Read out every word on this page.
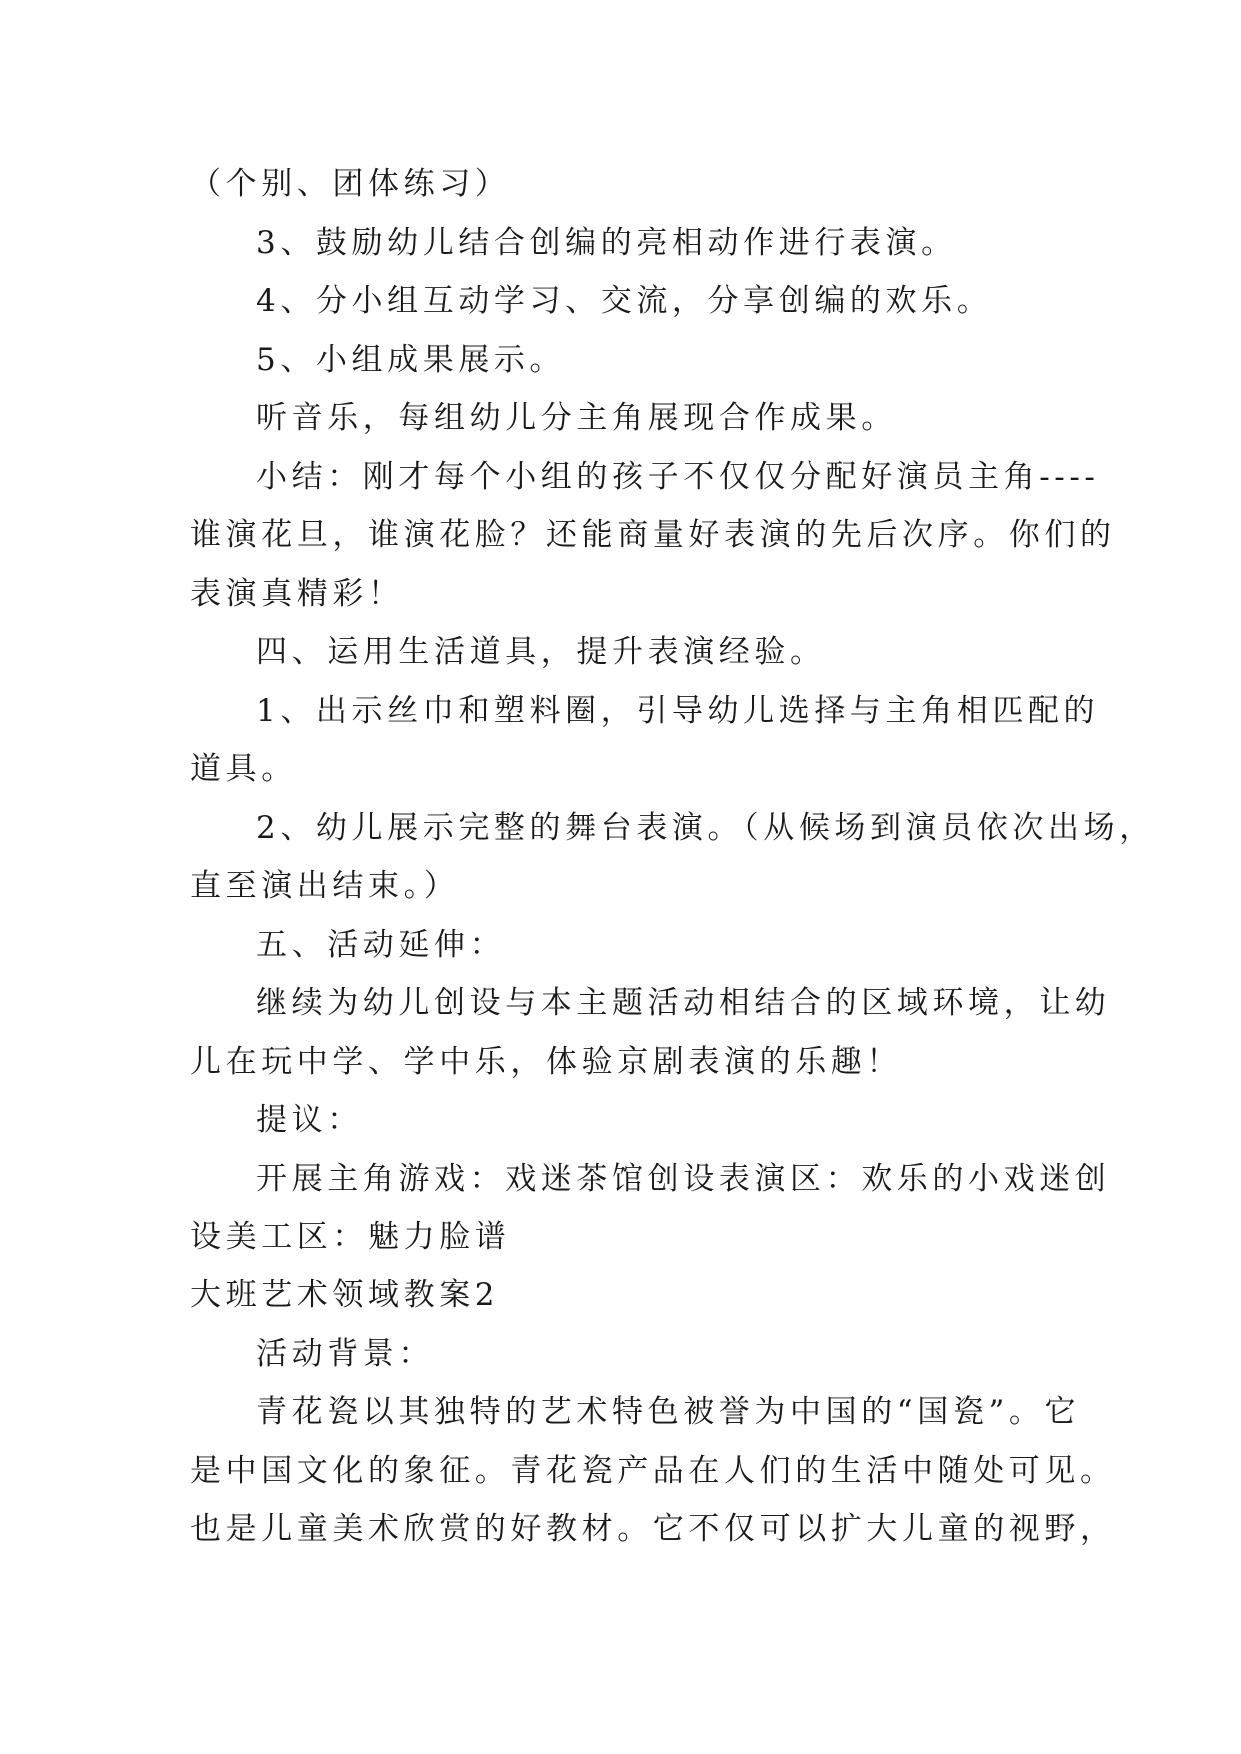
（个别、团体练习）
3、鼓励幼儿结合创编的亮相动作进行表演。
4、分小组互动学习、交流，分享创编的欢乐。
5、小组成果展示。
听音乐，每组幼儿分主角展现合作成果。
小结：刚才每个小组的孩子不仅仅分配好演员主角----
谁演花旦，谁演花脸？还能商量好表演的先后次序。你们的
表演真精彩！
四、运用生活道具，提升表演经验。
1、出示丝巾和塑料圈，引导幼儿选择与主角相匹配的
道具。
2、幼儿展示完整的舞台表演。（从候场到演员依次出场，
直至演出结束。）
五、活动延伸：
继续为幼儿创设与本主题活动相结合的区域环境，让幼
儿在玩中学、学中乐，体验京剧表演的乐趣！
提议：
开展主角游戏：戏迷茶馆创设表演区：欢乐的小戏迷创
设美工区：魅力脸谱
大班艺术领域教案2
活动背景：
青花瓷以其独特的艺术特色被誉为中国的“国瓷”。它
是中国文化的象征。青花瓷产品在人们的生活中随处可见。
也是儿童美术欣赏的好教材。它不仅可以扩大儿童的视野，
